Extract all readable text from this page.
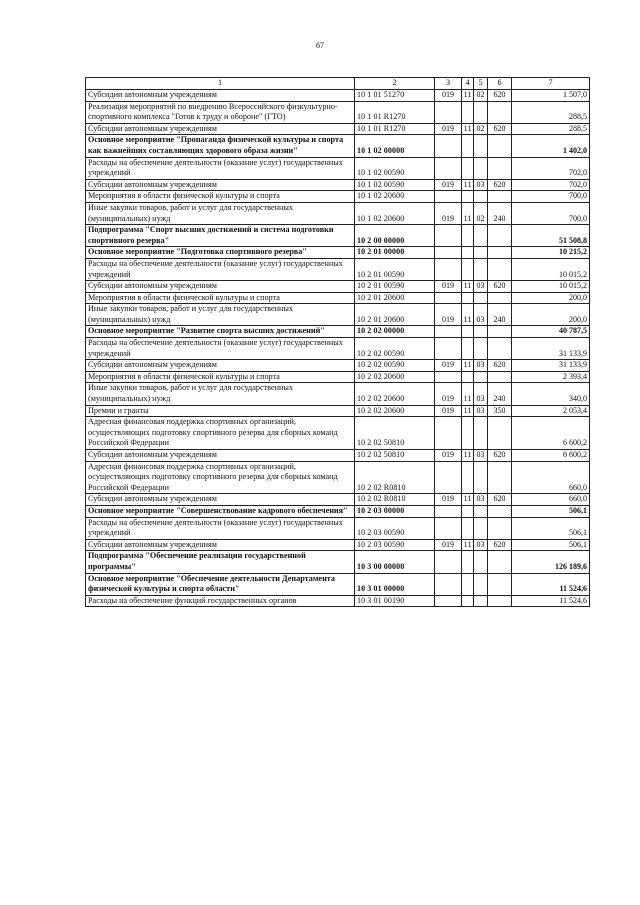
67
1	2	3	4	5	6	7
Субсидии автономным учреждениям	10 1 01 51270	019	11	02	620	1 507,0
Реализация мероприятий по внедрению Всероссийского физкультурно-спортивного комплекса "Готов к труду и обороне" (ГТО)	10 1 01 R1270					288,5
Субсидии автономным учреждениям	10 1 01 R1270	019	11	02	620	288,5
Основное мероприятие "Пропаганда физической культуры и спорта как важнейших составляющих здорового образа жизни"	10 1 02 00000					1 402,0
Расходы на обеспечение деятельности (оказание услуг) государственных учреждений	10 1 02 00590					702,0
Субсидии автономным учреждениям	10 1 02 00590	019	11	03	620	702,0
Мероприятия в области физической культуры и спорта	10 1 02 20600					700,0
Иные закупки товаров, работ и услуг для государственных (муниципальных) нужд	10 1 02 20600	019	11	02	240	700,0
Подпрограмма "Спорт высших достижений и система подготовки спортивного резерва"	10 2 00 00000					51 508,8
Основное мероприятие "Подготовка спортивного резерва"	10 2 01 00000					10 215,2
Расходы на обеспечение деятельности (оказание услуг) государственных учреждений	10 2 01 00590					10 015,2
Субсидии автономным учреждениям	10 2 01 00590	019	11	03	620	10 015,2
Мероприятия в области физической культуры и спорта	10 2 01 20600					200,0
Иные закупки товаров, работ и услуг для государственных (муниципальных) нужд	10 2 01 20600	019	11	03	240	200,0
Основное мероприятие "Развитие спорта высших достижений"	10 2 02 00000					40 787,5
Расходы на обеспечение деятельности (оказание услуг) государственных учреждений	10 2 02 00590					31 133,9
Субсидии автономным учреждениям	10 2 02 00590	019	11	03	620	31 133,9
Мероприятия в области физической культуры и спорта	10 2 02 20600					2 393,4
Иные закупки товаров, работ и услуг для государственных (муниципальных) нужд	10 2 02 20600	019	11	03	240	340,0
Премии и гранты	10 2 02 20600	019	11	03	350	2 053,4
Адресная финансовая поддержка спортивных организаций, осуществляющих подготовку спортивного резерва для сборных команд Российской Федерации	10 2 02 50810					6 600,2
Субсидии автономным учреждениям	10 2 02 50810	019	11	03	620	6 600,2
Адресная финансовая поддержка спортивных организаций, осуществляющих подготовку спортивного резерва для сборных команд Российской Федерации	10 2 02 R0810					660,0
Субсидии автономным учреждениям	10 2 02 R0810	019	11	03	620	660,0
Основное мероприятие "Совершенствование кадрового обеспечения"	10 2 03 00000					506,1
Расходы на обеспечение деятельности (оказание услуг) государственных учреждений	10 2 03 00590					506,1
Субсидии автономным учреждениям	10 2 03 00590	019	11	03	620	506,1
Подпрограмма "Обеспечение реализации государственной программы"	10 3 00 00000					126 189,6
Основное мероприятие "Обеспечение деятельности Департамента физической культуры и спорта области"	10 3 01 00000					11 524,6
Расходы на обеспечение функций государственных органов	10 3 01 00190					11 524,6
